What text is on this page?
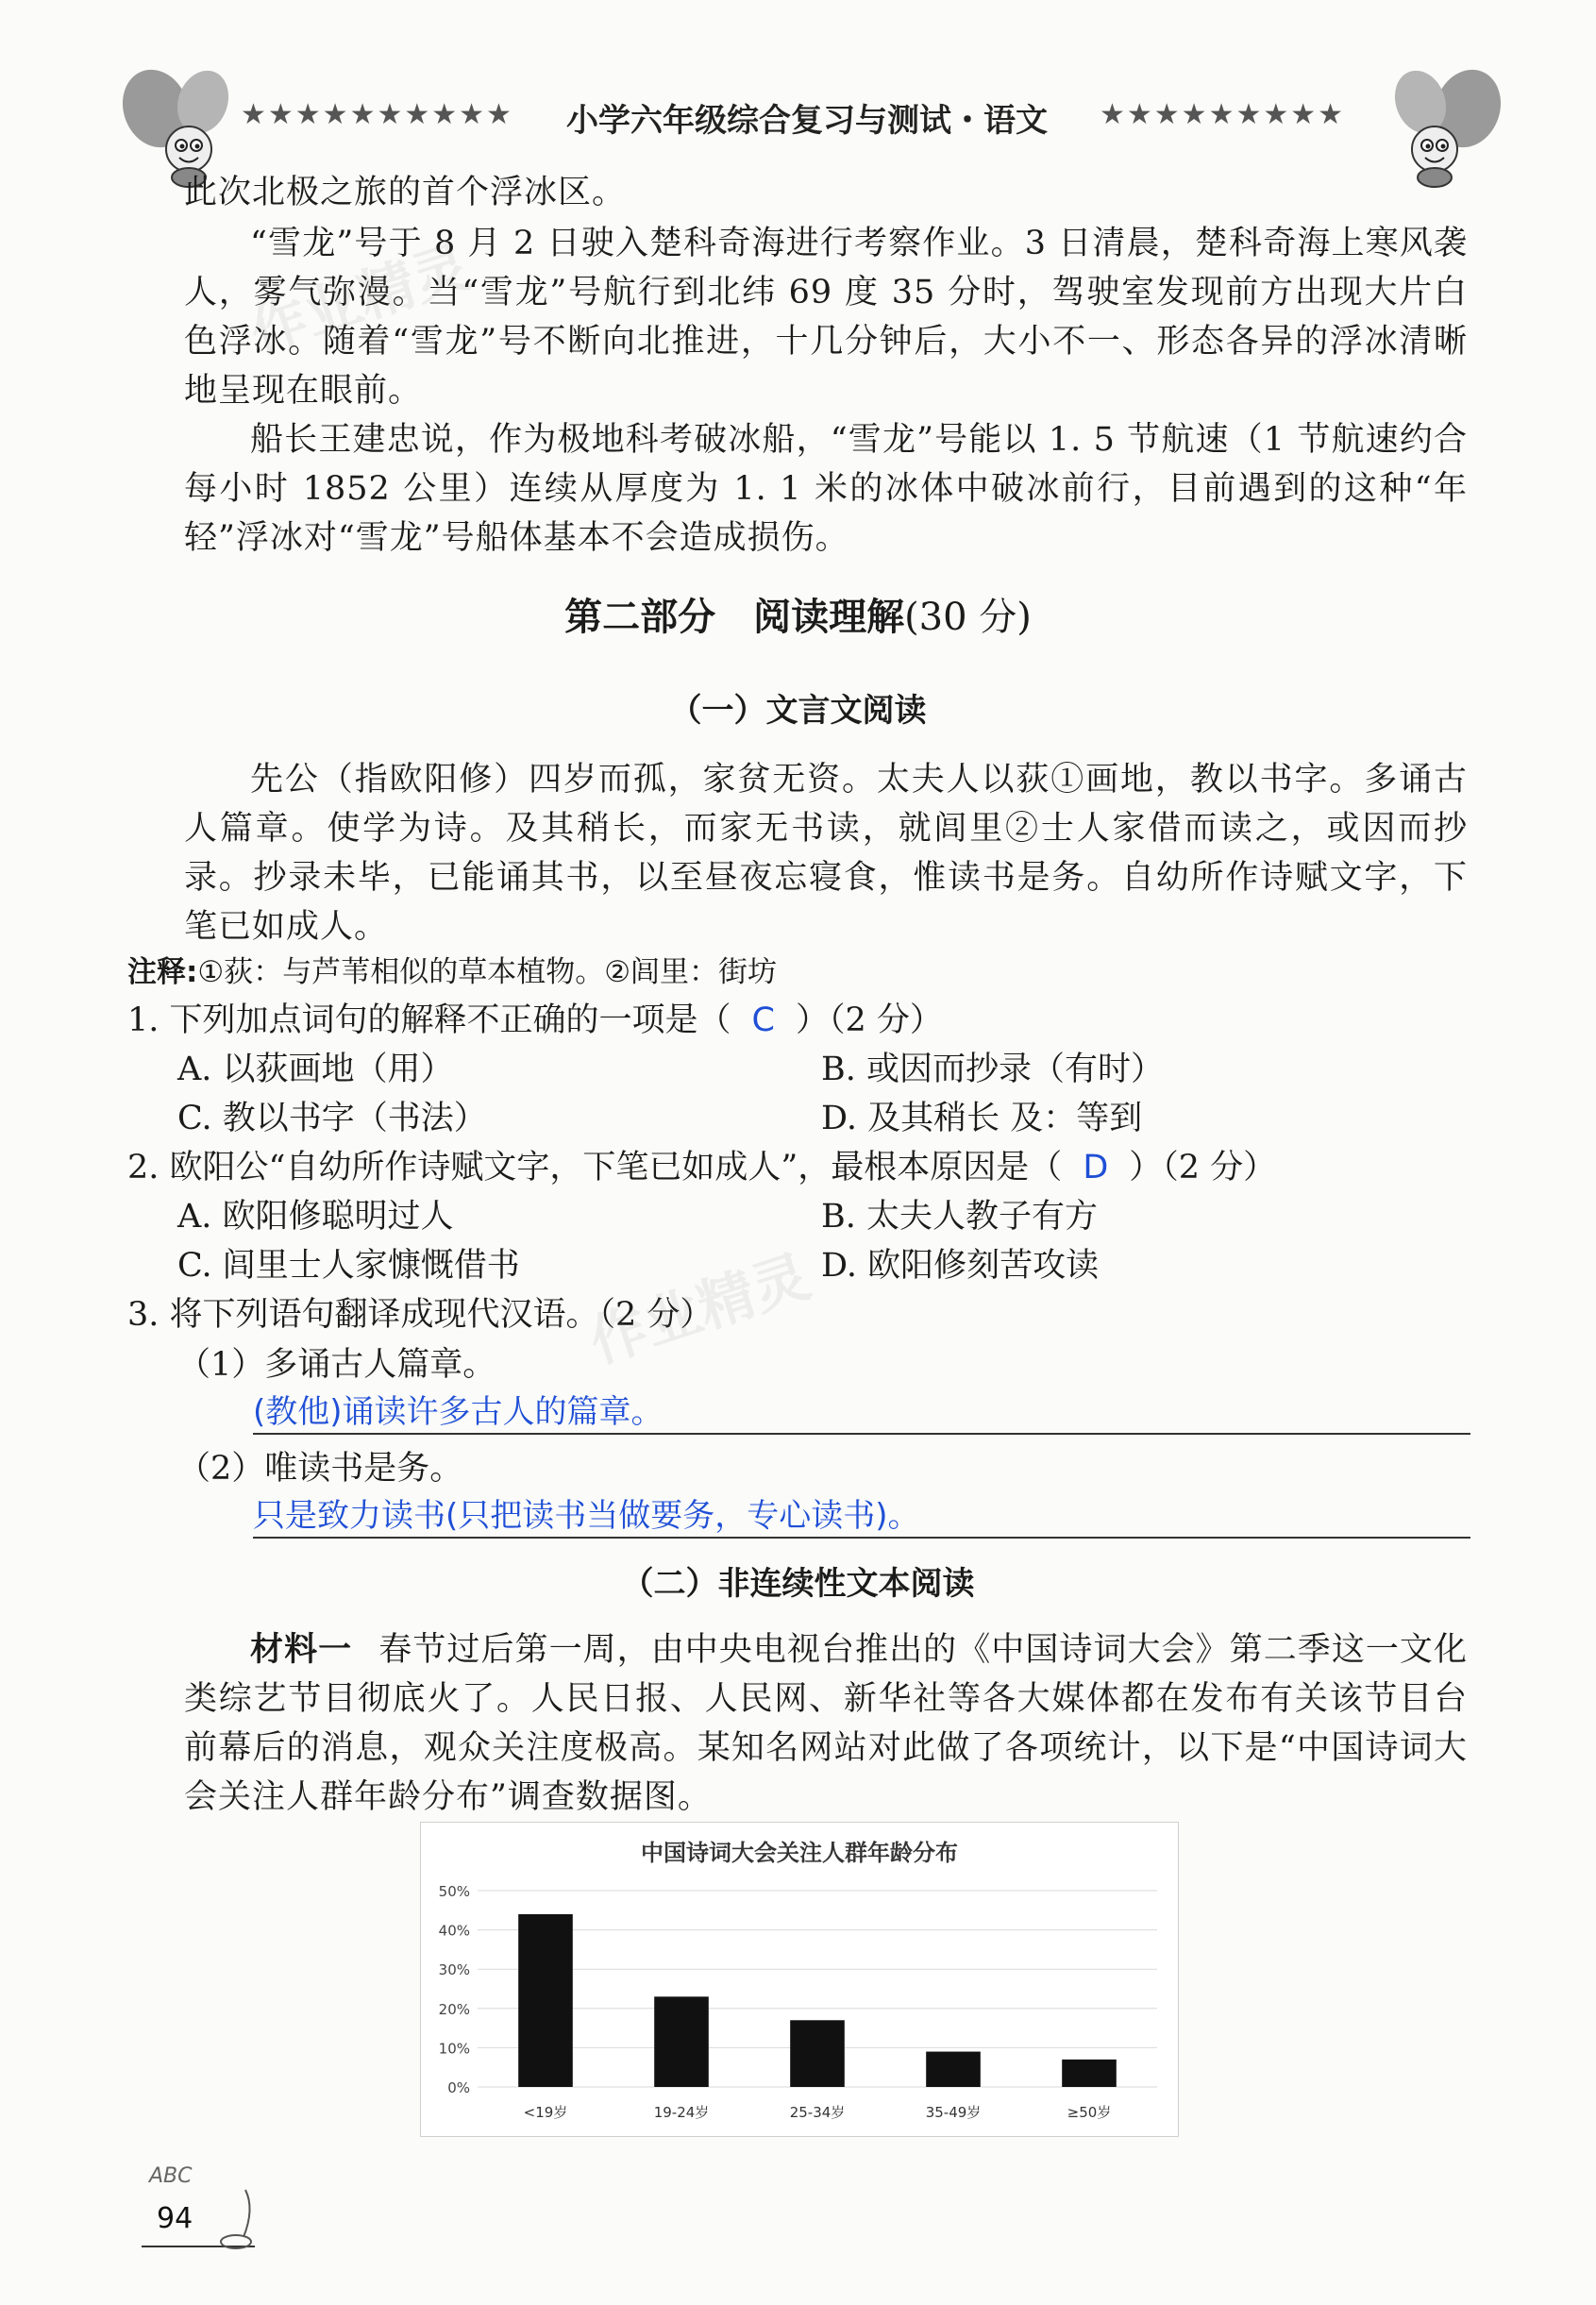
★★★★★★★★★★ 小学六年级综合复习与测试・语文	★★★★★★★★★
此次北极之旅的首个浮冰区。
“雪龙”号于 8 月 2 日驶入楚科奇海进行考察作业。3 日清晨，楚科奇海上寒风袭人，雾气弥漫。当“雪龙”号航行到北纬 69 度 35 分时，驾驶室发现前方出现大片白色浮冰。随着“雪龙”号不断向北推进，十几分钟后，大小不一、形态各异的浮冰清晰地呈现在眼前。
船长王建忠说，作为极地科考破冰船，“雪龙”号能以 1. 5 节航速（1 节航速约合每小时 1852 公里）连续从厚度为 1. 1 米的冰体中破冰前行，目前遇到的这种“年轻”浮冰对“雪龙”号船体基本不会造成损伤。
第二部分　阅读理解(30 分)
（一）文言文阅读
先公（指欧阳修）四岁而孤，家贫无资。太夫人以荻①画地，教以书字。多诵古人篇章。使学为诗。及其稍长，而家无书读，就闾里②士人家借而读之，或因而抄录。抄录未毕，已能诵其书，以至昼夜忘寝食，惟读书是务。自幼所作诗赋文字，下笔已如成人。
注释:①荻：与芦苇相似的草本植物。②闾里：街坊
1. 下列加点词句的解释不正确的一项是（ C ）（2 分）
A. 以荻画地（用）	B. 或因而抄录（有时）
C. 教以书字（书法）	D. 及其稍长 及：等到
2. 欧阳公“自幼所作诗赋文字，下笔已如成人”，最根本原因是（ D ）（2 分）
A. 欧阳修聪明过人	B. 太夫人教子有方
C. 闾里士人家慷慨借书	D. 欧阳修刻苦攻读
3. 将下列语句翻译成现代汉语。（2 分）
（1）多诵古人篇章。
(教他)诵读许多古人的篇章。
（2）唯读书是务。
只是致力读书(只把读书当做要务，专心读书)。
（二）非连续性文本阅读
材料一 春节过后第一周，由中央电视台推出的《中国诗词大会》第二季这一文化类综艺节目彻底火了。人民日报、人民网、新华社等各大媒体都在发布有关该节目台前幕后的消息，观众关注度极高。某知名网站对此做了各项统计，以下是“中国诗词大会关注人群年龄分布”调查数据图。
中国诗词大会关注人群年龄分布
0%
10%
20%
30%
40%
50%
<19岁	19-24岁	25-34岁	35-49岁	≥50岁
作业精灵
作业精灵
ABC
94
